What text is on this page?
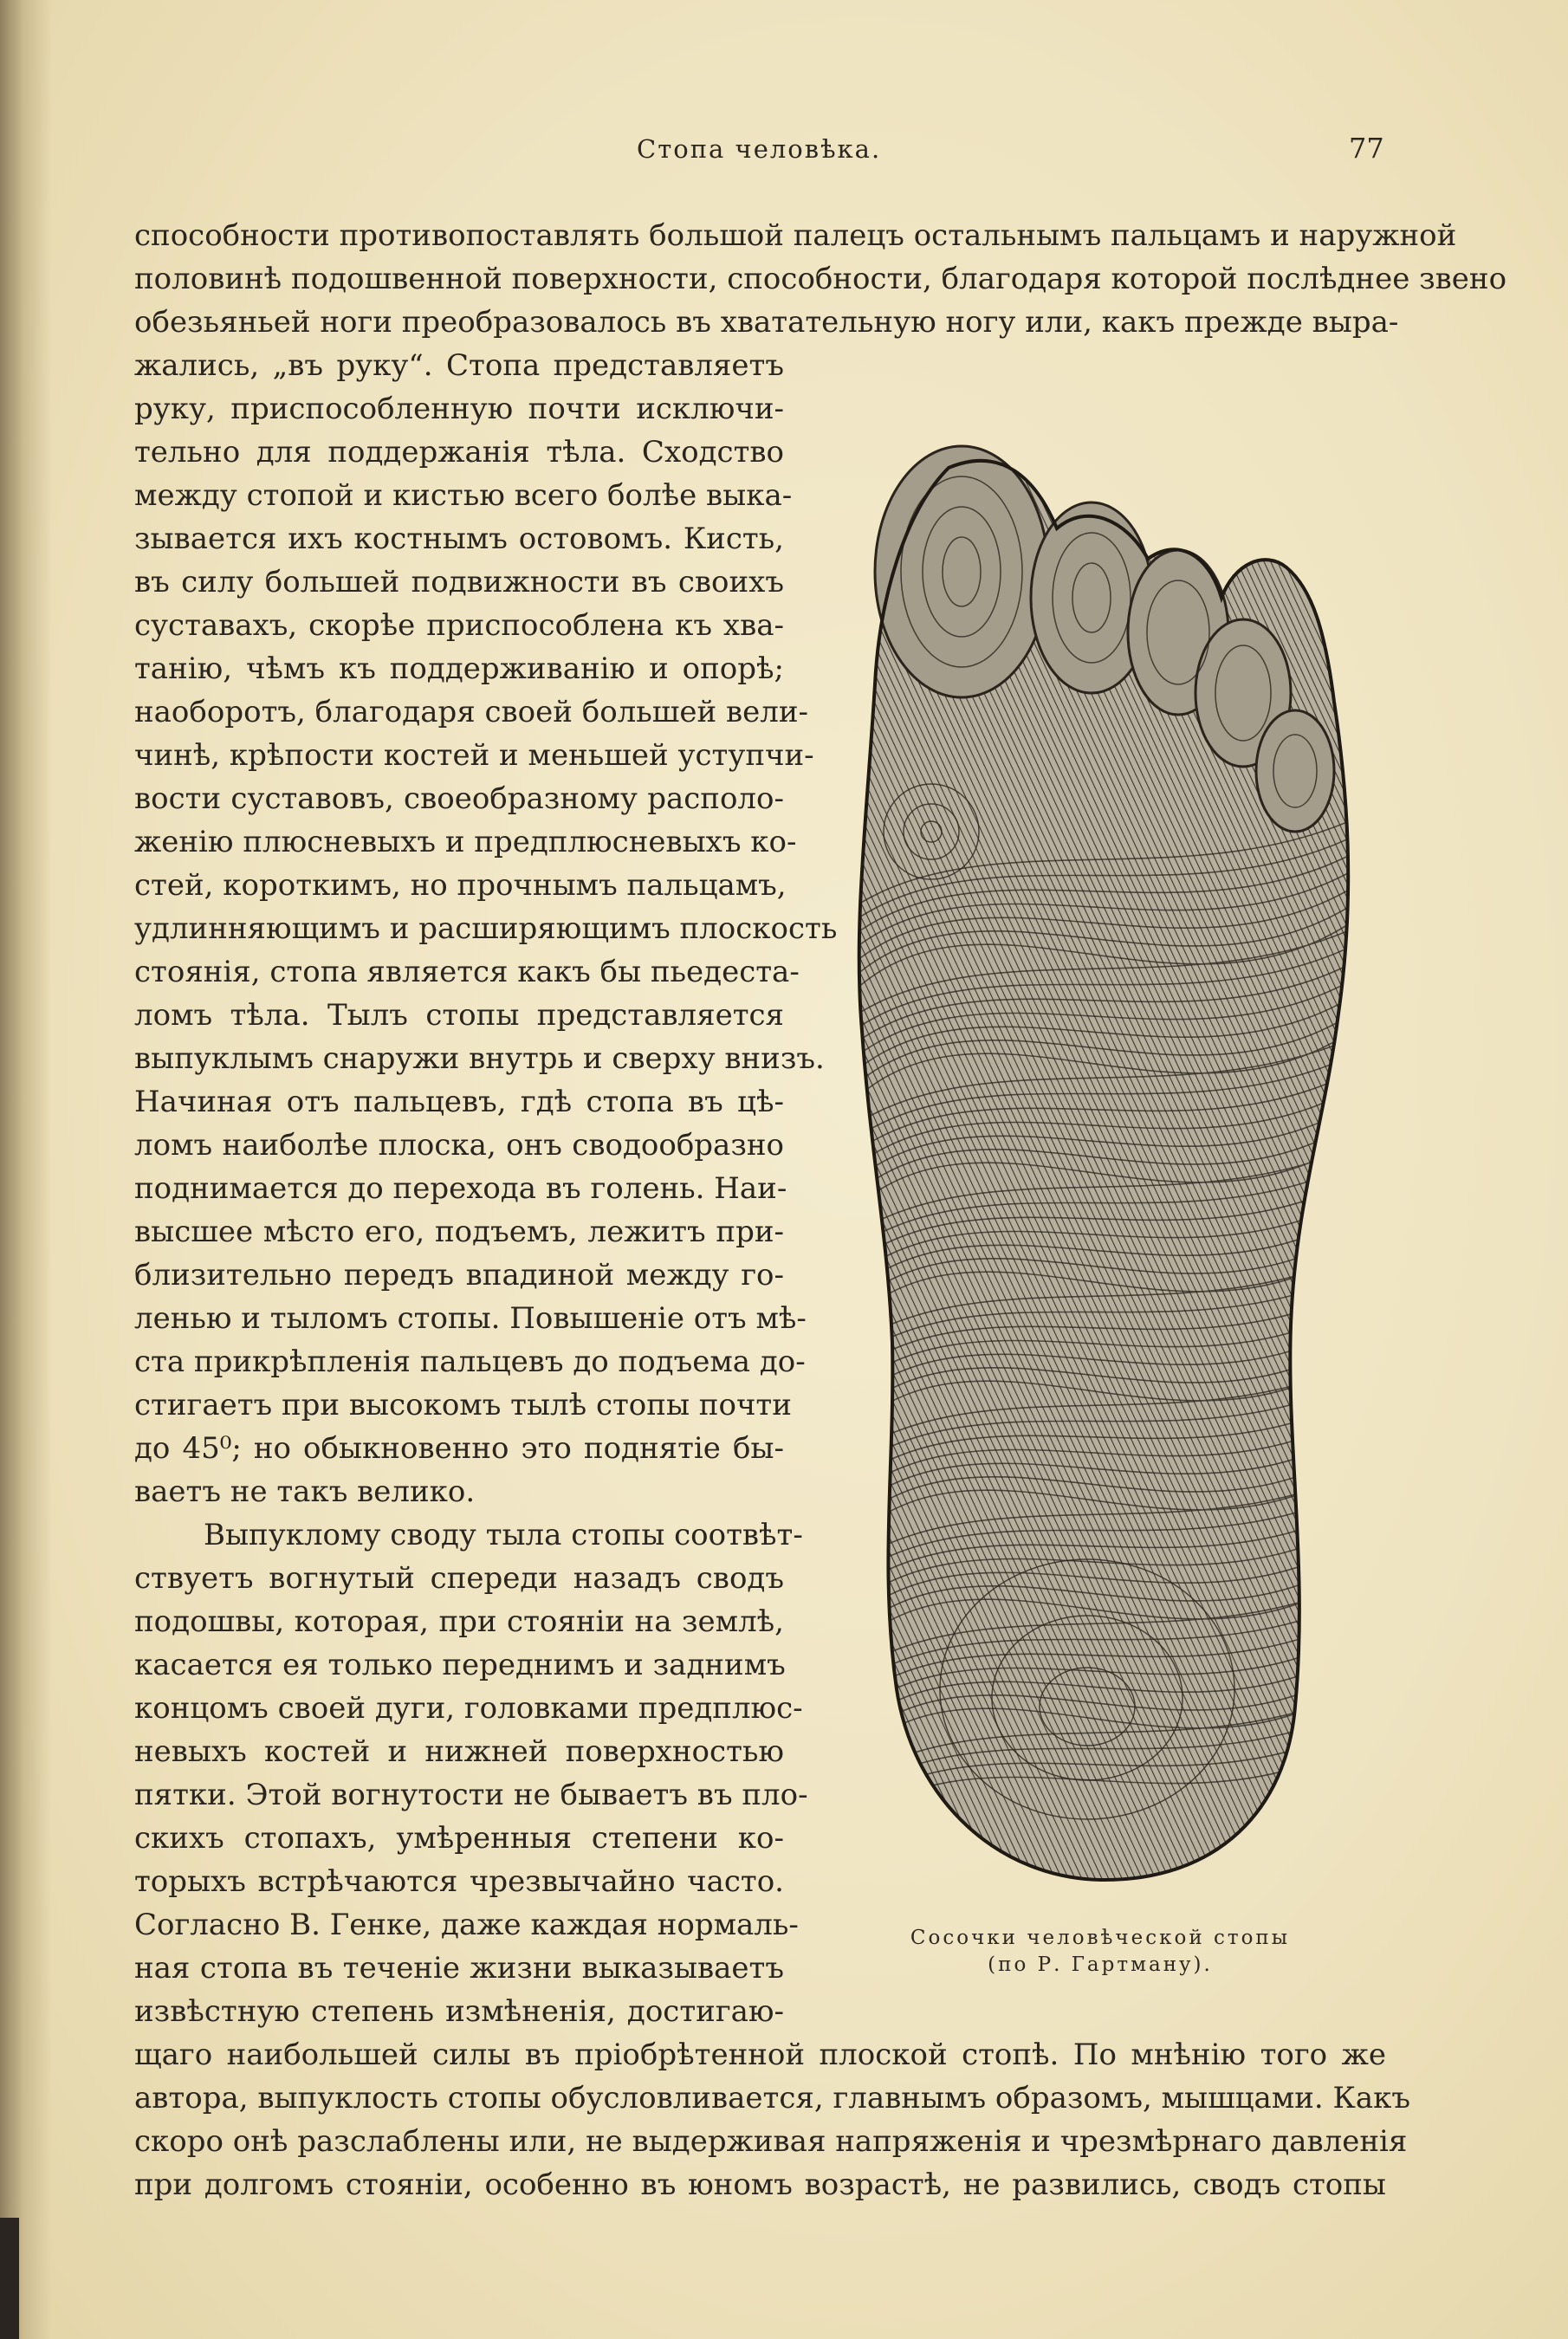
Стопа человѣка.	77
способности противопоставлять большой палецъ остальнымъ пальцамъ и наружной
половинѣ подошвенной поверхности, способности, благодаря которой послѣднее звено
обезьяньей ноги преобразовалось въ хватательную ногу или, какъ прежде выра-
жались, „въ руку“. Стопа представляетъ
руку, приспособленную почти исключи-
тельно для поддержанія тѣла. Сходство
между стопой и кистью всего болѣе выка-
зывается ихъ костнымъ остовомъ. Кисть,
въ силу большей подвижности въ своихъ
суставахъ, скорѣе приспособлена къ хва-
танію, чѣмъ къ поддерживанію и опорѣ;
наоборотъ, благодаря своей большей вели-
чинѣ, крѣпости костей и меньшей уступчи-
вости суставовъ, своеобразному располо-
женію плюсневыхъ и предплюсневыхъ ко-
стей, короткимъ, но прочнымъ пальцамъ,
удлинняющимъ и расширяющимъ плоскость
стоянія, стопа является какъ бы пьедеста-
ломъ тѣла. Тылъ стопы представляется
выпуклымъ снаружи внутрь и сверху внизъ.
Начиная отъ пальцевъ, гдѣ стопа въ цѣ-
ломъ наиболѣе плоска, онъ сводообразно
поднимается до перехода въ голень. Наи-
высшее мѣсто его, подъемъ, лежитъ при-
близительно передъ впадиной между го-
ленью и тыломъ стопы. Повышеніе отъ мѣ-
ста прикрѣпленія пальцевъ до подъема до-
стигаетъ при высокомъ тылѣ стопы почти
до 45⁰; но обыкновенно это поднятіе бы-
ваетъ не такъ велико.
Выпуклому своду тыла стопы соотвѣт-
ствуетъ вогнутый спереди назадъ сводъ
подошвы, которая, при стояніи на землѣ,
касается ея только переднимъ и заднимъ
концомъ своей дуги, головками предплюс-
невыхъ костей и нижней поверхностью
пятки. Этой вогнутости не бываетъ въ пло-
скихъ стопахъ, умѣренныя степени ко-
торыхъ встрѣчаются чрезвычайно часто.
Согласно В. Генке, даже каждая нормаль-
ная стопа въ теченіе жизни выказываетъ
извѣстную степень измѣненія, достигаю-
щаго наибольшей силы въ пріобрѣтенной плоской стопѣ. По мнѣнію того же
автора, выпуклость стопы обусловливается, главнымъ образомъ, мышцами. Какъ
скоро онѣ разслаблены или, не выдерживая напряженія и чрезмѣрнаго давленія
при долгомъ стояніи, особенно въ юномъ возрастѣ, не развились, сводъ стопы
Сосочки человѣческой стопы
(по Р. Гартману).
